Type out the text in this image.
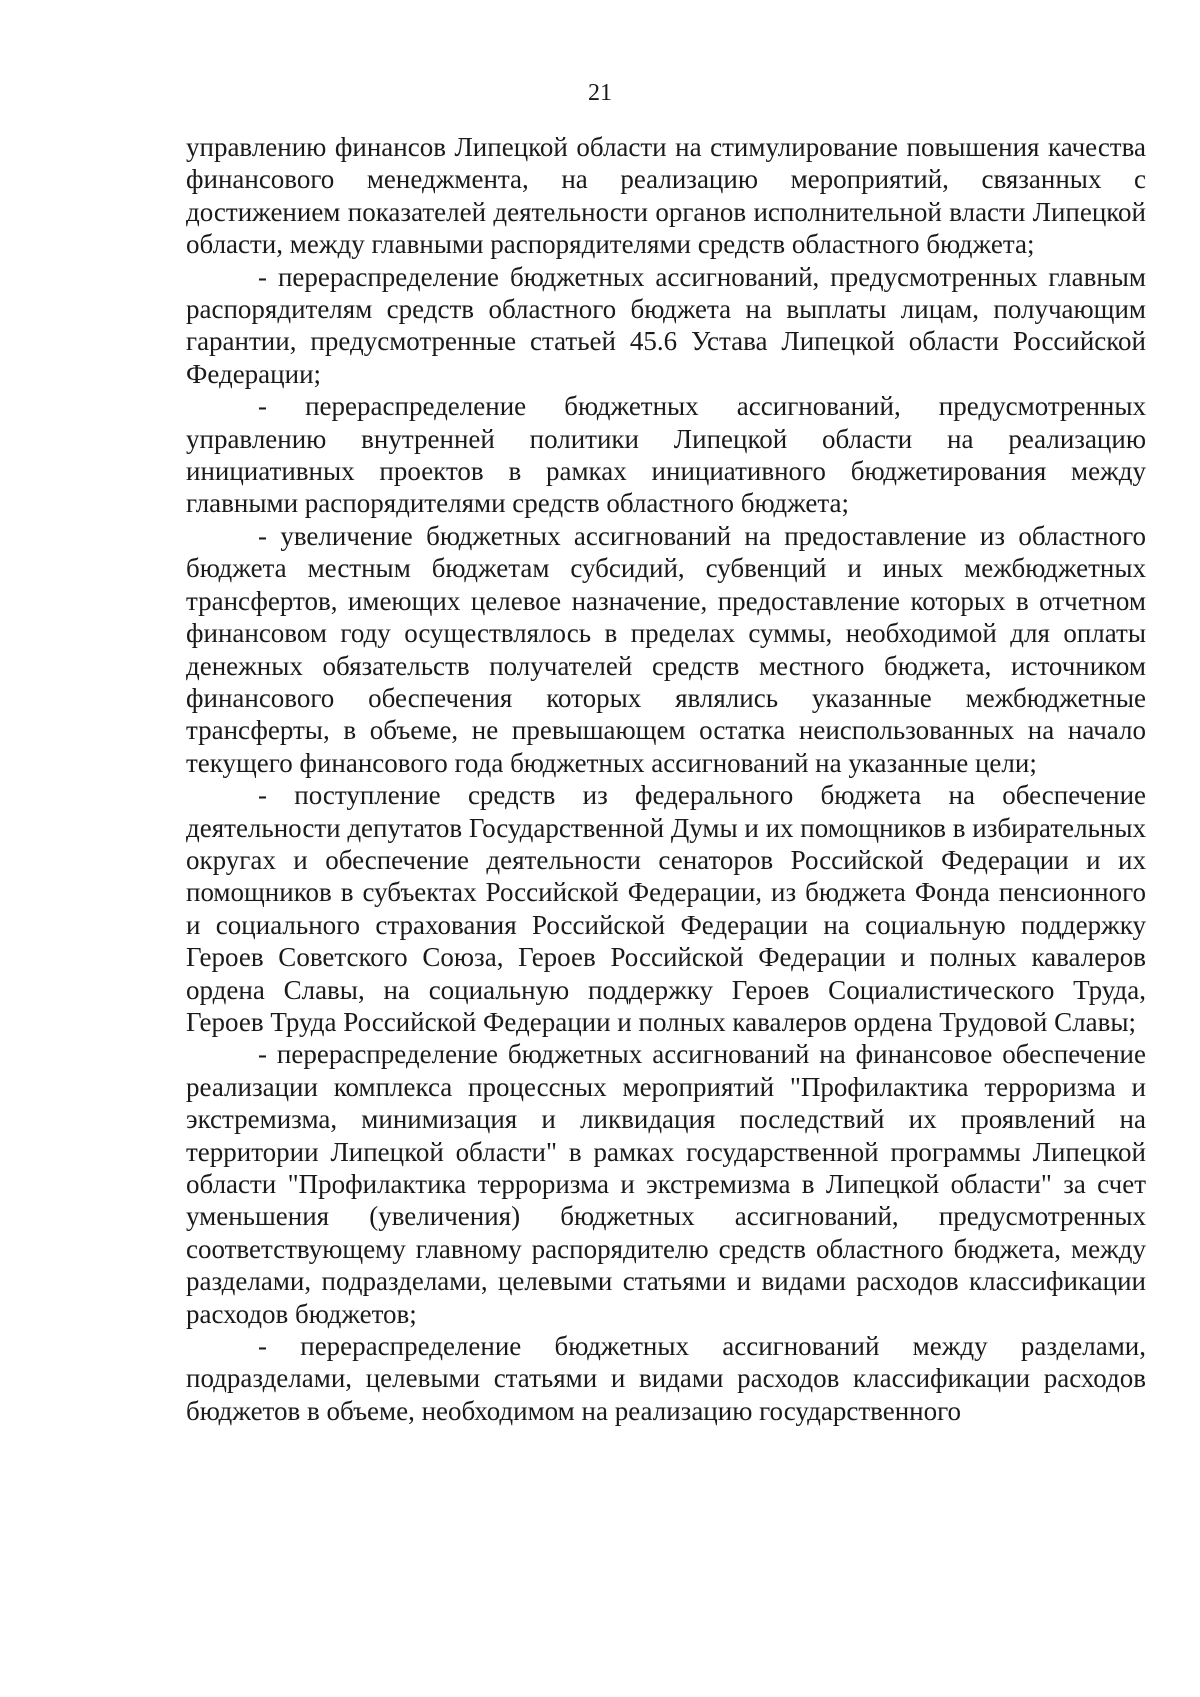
21

управлению финансов Липецкой области на стимулирование повышения качества финансового менеджмента, на реализацию мероприятий, связанных с достижением показателей деятельности органов исполнительной власти Липецкой области, между главными распорядителями средств областного бюджета;

- перераспределение бюджетных ассигнований, предусмотренных главным распорядителям средств областного бюджета на выплаты лицам, получающим гарантии, предусмотренные статьей 45.6 Устава Липецкой области Российской Федерации;

- перераспределение бюджетных ассигнований, предусмотренных управлению внутренней политики Липецкой области на реализацию инициативных проектов в рамках инициативного бюджетирования между главными распорядителями средств областного бюджета;

- увеличение бюджетных ассигнований на предоставление из областного бюджета местным бюджетам субсидий, субвенций и иных межбюджетных трансфертов, имеющих целевое назначение, предоставление которых в отчетном финансовом году осуществлялось в пределах суммы, необходимой для оплаты денежных обязательств получателей средств местного бюджета, источником финансового обеспечения которых являлись указанные межбюджетные трансферты, в объеме, не превышающем остатка неиспользованных на начало текущего финансового года бюджетных ассигнований на указанные цели;

- поступление средств из федерального бюджета на обеспечение деятельности депутатов Государственной Думы и их помощников в избирательных округах и обеспечение деятельности сенаторов Российской Федерации и их помощников в субъектах Российской Федерации, из бюджета Фонда пенсионного и социального страхования Российской Федерации на социальную поддержку Героев Советского Союза, Героев Российской Федерации и полных кавалеров ордена Славы, на социальную поддержку Героев Социалистического Труда, Героев Труда Российской Федерации и полных кавалеров ордена Трудовой Славы;

- перераспределение бюджетных ассигнований на финансовое обеспечение реализации комплекса процессных мероприятий "Профилактика терроризма и экстремизма, минимизация и ликвидация последствий их проявлений на территории Липецкой области" в рамках государственной программы Липецкой области "Профилактика терроризма и экстремизма в Липецкой области" за счет уменьшения (увеличения) бюджетных ассигнований, предусмотренных соответствующему главному распорядителю средств областного бюджета, между разделами, подразделами, целевыми статьями и видами расходов классификации расходов бюджетов;

- перераспределение бюджетных ассигнований между разделами, подразделами, целевыми статьями и видами расходов классификации расходов бюджетов в объеме, необходимом на реализацию государственного
